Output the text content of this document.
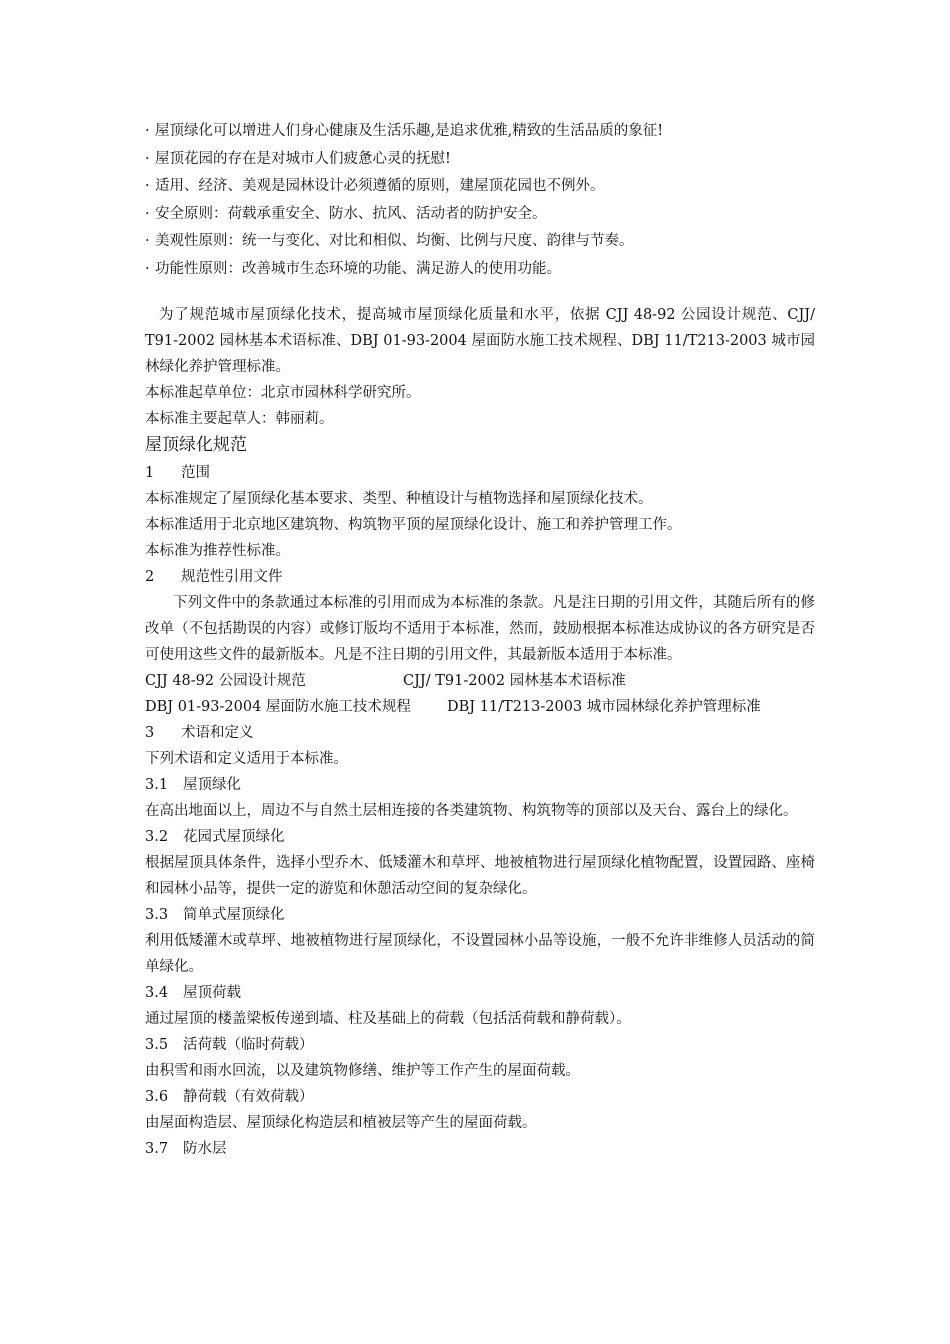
· 屋顶绿化可以增进人们身心健康及生活乐趣,是追求优雅,精致的生活品质的象征!
· 屋顶花园的存在是对城市人们疲惫心灵的抚慰!
· 适用、经济、美观是园林设计必须遵循的原则，建屋顶花园也不例外。
· 安全原则：荷载承重安全、防水、抗风、活动者的防护安全。
· 美观性原则：统一与变化、对比和相似、均衡、比例与尺度、韵律与节奏。
· 功能性原则：改善城市生态环境的功能、满足游人的使用功能。

为了规范城市屋顶绿化技术，提高城市屋顶绿化质量和水平，依据 CJJ 48-92 公园设计规范、CJJ/ T91-2002 园林基本术语标准、DBJ 01-93-2004 屋面防水施工技术规程、DBJ 11/T213-2003 城市园林绿化养护管理标准。

本标准起草单位：北京市园林科学研究所。

本标准主要起草人：韩丽莉。

屋顶绿化规范

1 范围

本标准规定了屋顶绿化基本要求、类型、种植设计与植物选择和屋顶绿化技术。

本标准适用于北京地区建筑物、构筑物平顶的屋顶绿化设计、施工和养护管理工作。

本标准为推荐性标准。

2 规范性引用文件

下列文件中的条款通过本标准的引用而成为本标准的条款。凡是注日期的引用文件，其随后所有的修改单（不包括勘误的内容）或修订版均不适用于本标准，然而，鼓励根据本标准达成协议的各方研究是否可使用这些文件的最新版本。凡是不注日期的引用文件，其最新版本适用于本标准。

CJJ 48-92 公园设计规范	CJJ/ T91-2002 园林基本术语标准

DBJ 01-93-2004 屋面防水施工技术规程 DBJ 11/T213-2003 城市园林绿化养护管理标准

3 术语和定义

下列术语和定义适用于本标准。

3.1 屋顶绿化

在高出地面以上，周边不与自然土层相连接的各类建筑物、构筑物等的顶部以及天台、露台上的绿化。

3.2 花园式屋顶绿化

根据屋顶具体条件，选择小型乔木、低矮灌木和草坪、地被植物进行屋顶绿化植物配置，设置园路、座椅和园林小品等，提供一定的游览和休憩活动空间的复杂绿化。

3.3 简单式屋顶绿化

利用低矮灌木或草坪、地被植物进行屋顶绿化，不设置园林小品等设施，一般不允许非维修人员活动的简单绿化。

3.4 屋顶荷载

通过屋顶的楼盖梁板传递到墙、柱及基础上的荷载（包括活荷载和静荷载）。

3.5 活荷载（临时荷载）

由积雪和雨水回流，以及建筑物修缮、维护等工作产生的屋面荷载。

3.6 静荷载（有效荷载）

由屋面构造层、屋顶绿化构造层和植被层等产生的屋面荷载。

3.7 防水层
